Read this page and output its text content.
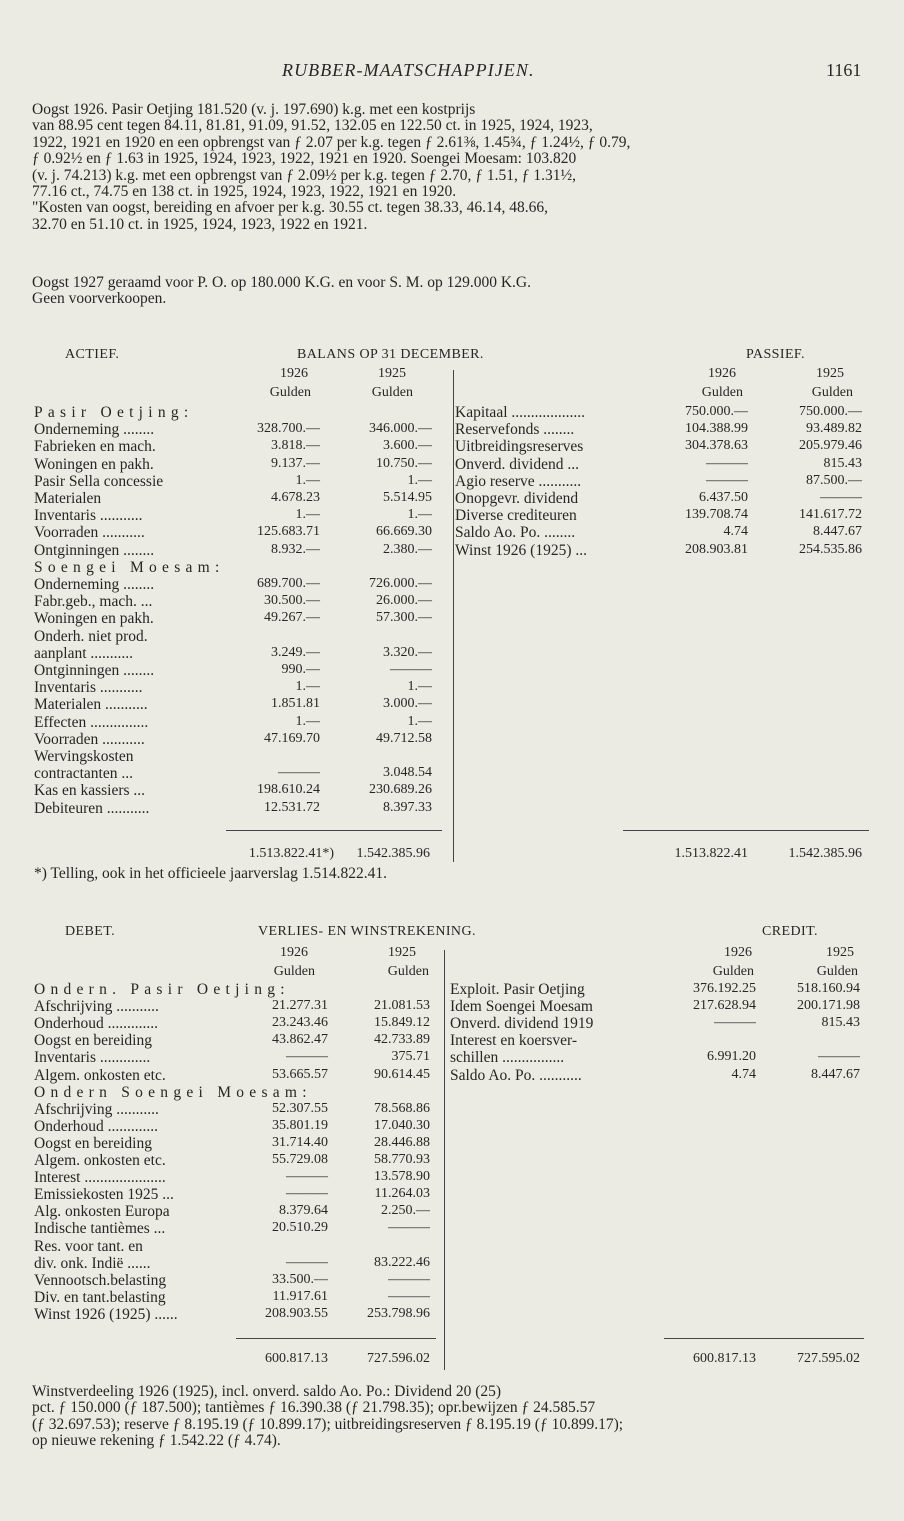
RUBBER-MAATSCHAPPIJEN.	1161
Oogst 1926. Pasir Oetjing 181.520 (v. j. 197.690) k.g. met een kostprijs
van 88.95 cent tegen 84.11, 81.81, 91.09, 91.52, 132.05 en 122.50 ct. in 1925, 1924, 1923,
1922, 1921 en 1920 en een opbrengst van ƒ 2.07 per k.g. tegen ƒ 2.61⅜, 1.45¾, ƒ 1.24½, ƒ 0.79,
ƒ 0.92½ en ƒ 1.63 in 1925, 1924, 1923, 1922, 1921 en 1920. Soengei Moesam: 103.820
(v. j. 74.213) k.g. met een opbrengst van ƒ 2.09½ per k.g. tegen ƒ 2.70, ƒ 1.51, ƒ 1.31½,
77.16 ct., 74.75 en 138 ct. in 1925, 1924, 1923, 1922, 1921 en 1920.
"Kosten van oogst, bereiding en afvoer per k.g. 30.55 ct. tegen 38.33, 46.14, 48.66,
32.70 en 51.10 ct. in 1925, 1924, 1923, 1922 en 1921.
Oogst 1927 geraamd voor P. O. op 180.000 K.G. en voor S. M. op 129.000 K.G.
Geen voorverkoopen.
ACTIEF.	BALANS OP 31 DECEMBER.	PASSIEF.
1926	1925
Gulden	Gulden
1926	1925
Gulden	Gulden
Pasir Oetjing:
Onderneming ........	328.700.—	346.000.—
Fabrieken en mach.	3.818.—	3.600.—
Woningen en pakh.	9.137.—	10.750.—
Pasir Sella concessie	1.—	1.—
Materialen	4.678.23	5.514.95
Inventaris ...........	1.—	1.—
Voorraden ...........	125.683.71	66.669.30
Ontginningen ........	8.932.—	2.380.—
Soengei Moesam:
Onderneming ........	689.700.—	726.000.—
Fabr.geb., mach. ...	30.500.—	26.000.—
Woningen en pakh.	49.267.—	57.300.—
Onderh. niet prod.
aanplant ...........	3.249.—	3.320.—
Ontginningen ........	990.—	———
Inventaris ...........	1.—	1.—
Materialen ...........	1.851.81	3.000.—
Effecten ...............	1.—	1.—
Voorraden ...........	47.169.70	49.712.58
Wervingskosten
contractanten ...	———	3.048.54
Kas en kassiers ...	198.610.24	230.689.26
Debiteuren ...........	12.531.72	8.397.33
Kapitaal ...................	750.000.—	750.000.—
Reservefonds ........	104.388.99	93.489.82
Uitbreidingsreserves	304.378.63	205.979.46
Onverd. dividend ...	———	815.43
Agio reserve ...........	———	87.500.—
Onopgevr. dividend	6.437.50	———
Diverse crediteuren	139.708.74	141.617.72
Saldo Ao. Po. ........	4.74	8.447.67
Winst 1926 (1925) ...	208.903.81	254.535.86
1.513.822.41*)	1.542.385.96	1.513.822.41	1.542.385.96
*) Telling, ook in het officieele jaarverslag 1.514.822.41.
DEBET.	VERLIES- EN WINSTREKENING.	CREDIT.
1926	1925
Gulden	Gulden
1926	1925
Gulden	Gulden
Ondern. Pasir Oetjing:
Afschrijving ...........	21.277.31	21.081.53
Onderhoud .............	23.243.46	15.849.12
Oogst en bereiding	43.862.47	42.733.89
Inventaris .............	———	375.71
Algem. onkosten etc.	53.665.57	90.614.45
Ondern Soengei Moesam:
Afschrijving ...........	52.307.55	78.568.86
Onderhoud .............	35.801.19	17.040.30
Oogst en bereiding	31.714.40	28.446.88
Algem. onkosten etc.	55.729.08	58.770.93
Interest .....................	———	13.578.90
Emissiekosten 1925 ...	———	11.264.03
Alg. onkosten Europa	8.379.64	2.250.—
Indische tantièmes ...	20.510.29	———
Res. voor tant. en
div. onk. Indië ......	———	83.222.46
Vennootsch.belasting	33.500.—	———
Div. en tant.belasting	11.917.61	———
Winst 1926 (1925) ......	208.903.55	253.798.96
Exploit. Pasir Oetjing	376.192.25	518.160.94
Idem Soengei Moesam	217.628.94	200.171.98
Onverd. dividend 1919	———	815.43
Interest en koersver-
schillen ................	6.991.20	———
Saldo Ao. Po. ...........	4.74	8.447.67
600.817.13	727.596.02	600.817.13	727.595.02
Winstverdeeling 1926 (1925), incl. onverd. saldo Ao. Po.: Dividend 20 (25)
pct. ƒ 150.000 (ƒ 187.500); tantièmes ƒ 16.390.38 (ƒ 21.798.35); opr.bewijzen ƒ 24.585.57
(ƒ 32.697.53); reserve ƒ 8.195.19 (ƒ 10.899.17); uitbreidingsreserven ƒ 8.195.19 (ƒ 10.899.17);
op nieuwe rekening ƒ 1.542.22 (ƒ 4.74).
